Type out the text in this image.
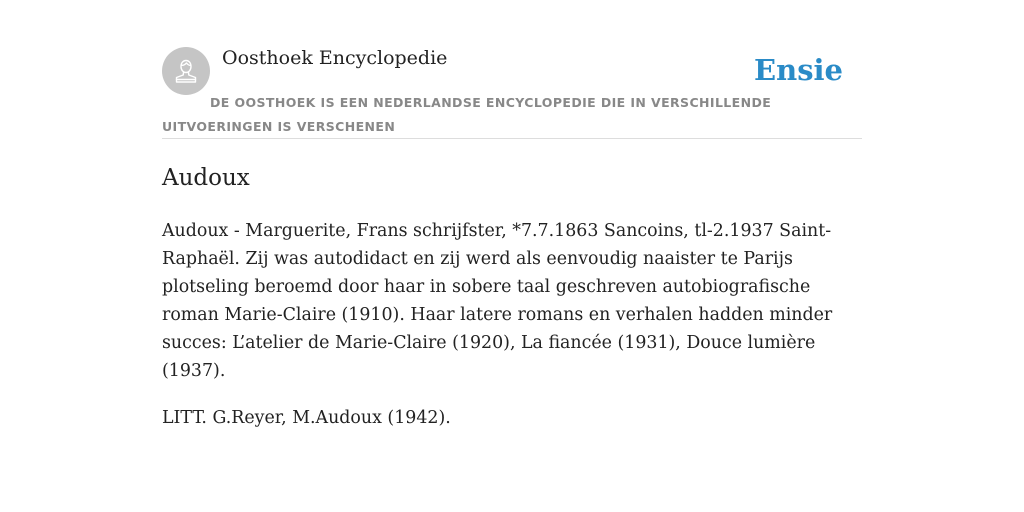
Oosthoek Encyclopedie	Ensie
DE OOSTHOEK IS EEN NEDERLANDSE ENCYCLOPEDIE DIE IN VERSCHILLENDE UITVOERINGEN IS VERSCHENEN
Audoux

Audoux - Marguerite, Frans schrijfster, *7.7.1863 Sancoins, tl-2.1937 Saint-Raphaël. Zij was autodidact en zij werd als eenvoudig naaister te Parijs plotseling beroemd door haar in sobere taal geschreven autobiografische roman Marie-Claire (1910). Haar latere romans en verhalen hadden minder succes: L’atelier de Marie-Claire (1920), La fiancée (1931), Douce lumière (1937).

LITT. G.Reyer, M.Audoux (1942).
